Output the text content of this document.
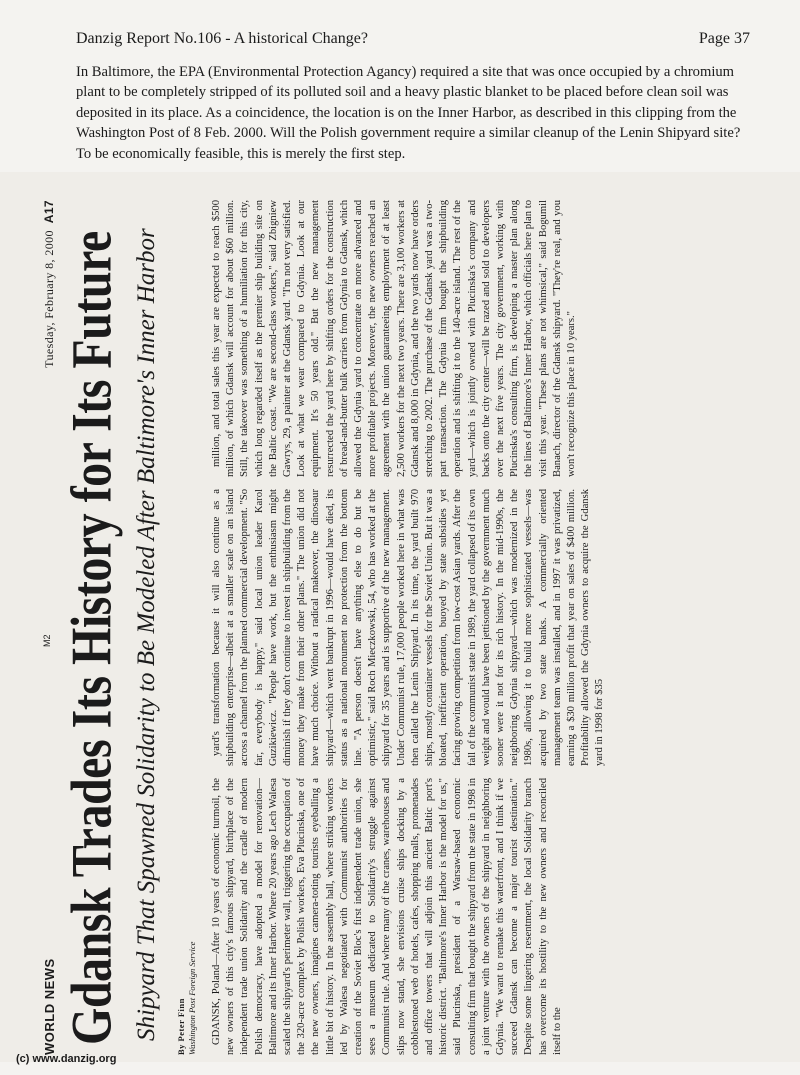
Danzig Report No.106 - A historical Change?	Page 37
In Baltimore, the EPA (Environmental Protection Agancy) required a site that was once occupied by a chromium plant to be completely stripped of its polluted soil and a heavy plastic blanket to be placed before clean soil was deposited in its place. As a coincidence, the location is on the Inner Harbor, as described in this clipping from the Washington Post of 8 Feb. 2000. Will the Polish government require a similar cleanup of the Lenin Shipyard site? To be economically feasible, this is merely the first step.
WORLD NEWS
M2
Tuesday, February 8, 2000  A17
Gdansk Trades Its History for Its Future Shipyard That Spawned Solidarity to Be Modeled After Baltimore's Inner Harbor By Peter Finn Washington Post Foreign Service GDANSK, Poland—After 10 years of economic turmoil, the new owners of this city's famous shipyard, birthplace of the independent trade union Solidarity and the cradle of modern Polish democracy, have adopted a model for renovation—Baltimore and its Inner Harbor. Where 20 years ago Lech Walesa scaled the shipyard's perimeter wall, triggering the occupation of the 320-acre complex by Polish workers, Eva Plucinska, one of the new owners, imagines camera-toting tourists eyeballing a little bit of history. In the assembly hall, where striking workers led by Walesa negotiated with Communist authorities for creation of the Soviet Bloc's first independent trade union, she sees a museum dedicated to Solidarity's struggle against Communist rule. And where many of the cranes, warehouses and slips now stand, she envisions cruise ships docking by a cobblestoned web of hotels, cafes, shopping malls, promenades and office towers that will adjoin this ancient Baltic port's historic district. "Baltimore's Inner Harbor is the model for us," said Plucinska, president of a Warsaw-based economic consulting firm that bought the shipyard from the state in 1998 in a joint venture with the owners of the shipyard in neighboring Gdynia. "We want to remake this waterfront, and I think if we succeed Gdansk can become a major tourist destination." Despite some lingering resentment, the local Solidarity branch has overcome its hostility to the new owners and reconciled itself to the

yard's transformation because it will also continue as a shipbuilding enterprise—albeit at a smaller scale on an island across a channel from the planned commercial development. "So far, everybody is happy," said local union leader Karol Guzikiewicz. "People have work, but the enthusiasm might diminish if they don't continue to invest in shipbuilding from the money they make from their other plans." The union did not have much choice. Without a radical makeover, the dinosaur shipyard—which went bankrupt in 1996—would have died, its status as a national monument no protection from the bottom line. "A person doesn't have anything else to do but be optimistic," said Roch Mieczkowski, 54, who has worked at the shipyard for 35 years and is supportive of the new management. Under Communist rule, 17,000 people worked here in what was then called the Lenin Shipyard. In its time, the yard built 970 ships, mostly container vessels for the Soviet Union. But it was a bloated, inefficient operation, buoyed by state subsidies yet facing growing competition from low-cost Asian yards. After the fall of the communist state in 1989, the yard collapsed of its own weight and would have been jettisoned by the government much sooner were it not for its rich history. In the mid-1990s, the neighboring Gdynia shipyard—which was modernized in the 1980s, allowing it to build more sophisticated vessels—was acquired by two state banks. A commercially oriented management team was installed, and in 1997 it was privatized, earning a $30 million profit that year on sales of $400 million. Profitability allowed the Gdynia owners to acquire the Gdansk yard in 1998 for $35

million, and total sales this year are expected to reach $500 million, of which Gdansk will account for about $60 million. Still, the takeover was something of a humiliation for this city, which long regarded itself as the premier ship building site on the Baltic coast. "We are second-class workers," said Zbigniew Gawrys, 29, a painter at the Gdansk yard. "I'm not very satisfied. Look at what we wear compared to Gdynia. Look at our equipment. It's 50 years old." But the new management resurrected the yard here by shifting orders for the construction of bread-and-butter bulk carriers from Gdynia to Gdansk, which allowed the Gdynia yard to concentrate on more advanced and more profitable projects. Moreover, the new owners reached an agreement with the union guaranteeing employment of at least 2,500 workers for the next two years. There are 3,100 workers at Gdansk and 8,000 in Gdynia, and the two yards now have orders stretching to 2002. The purchase of the Gdansk yard was a two-part transaction. The Gdynia firm bought the shipbuilding operation and is shifting it to the 140-acre island. The rest of the yard—which is jointly owned with Plucinska's company and backs onto the city center—will be razed and sold to developers over the next five years. The city government, working with Plucinska's consulting firm, is developing a master plan along the lines of Baltimore's Inner Harbor, which officials here plan to visit this year. "These plans are not whimsical," said Bogumil Banach, director of the Gdansk shipyard. "They're real, and you won't recognize this place in 10 years."

(c) www.danzig.org
